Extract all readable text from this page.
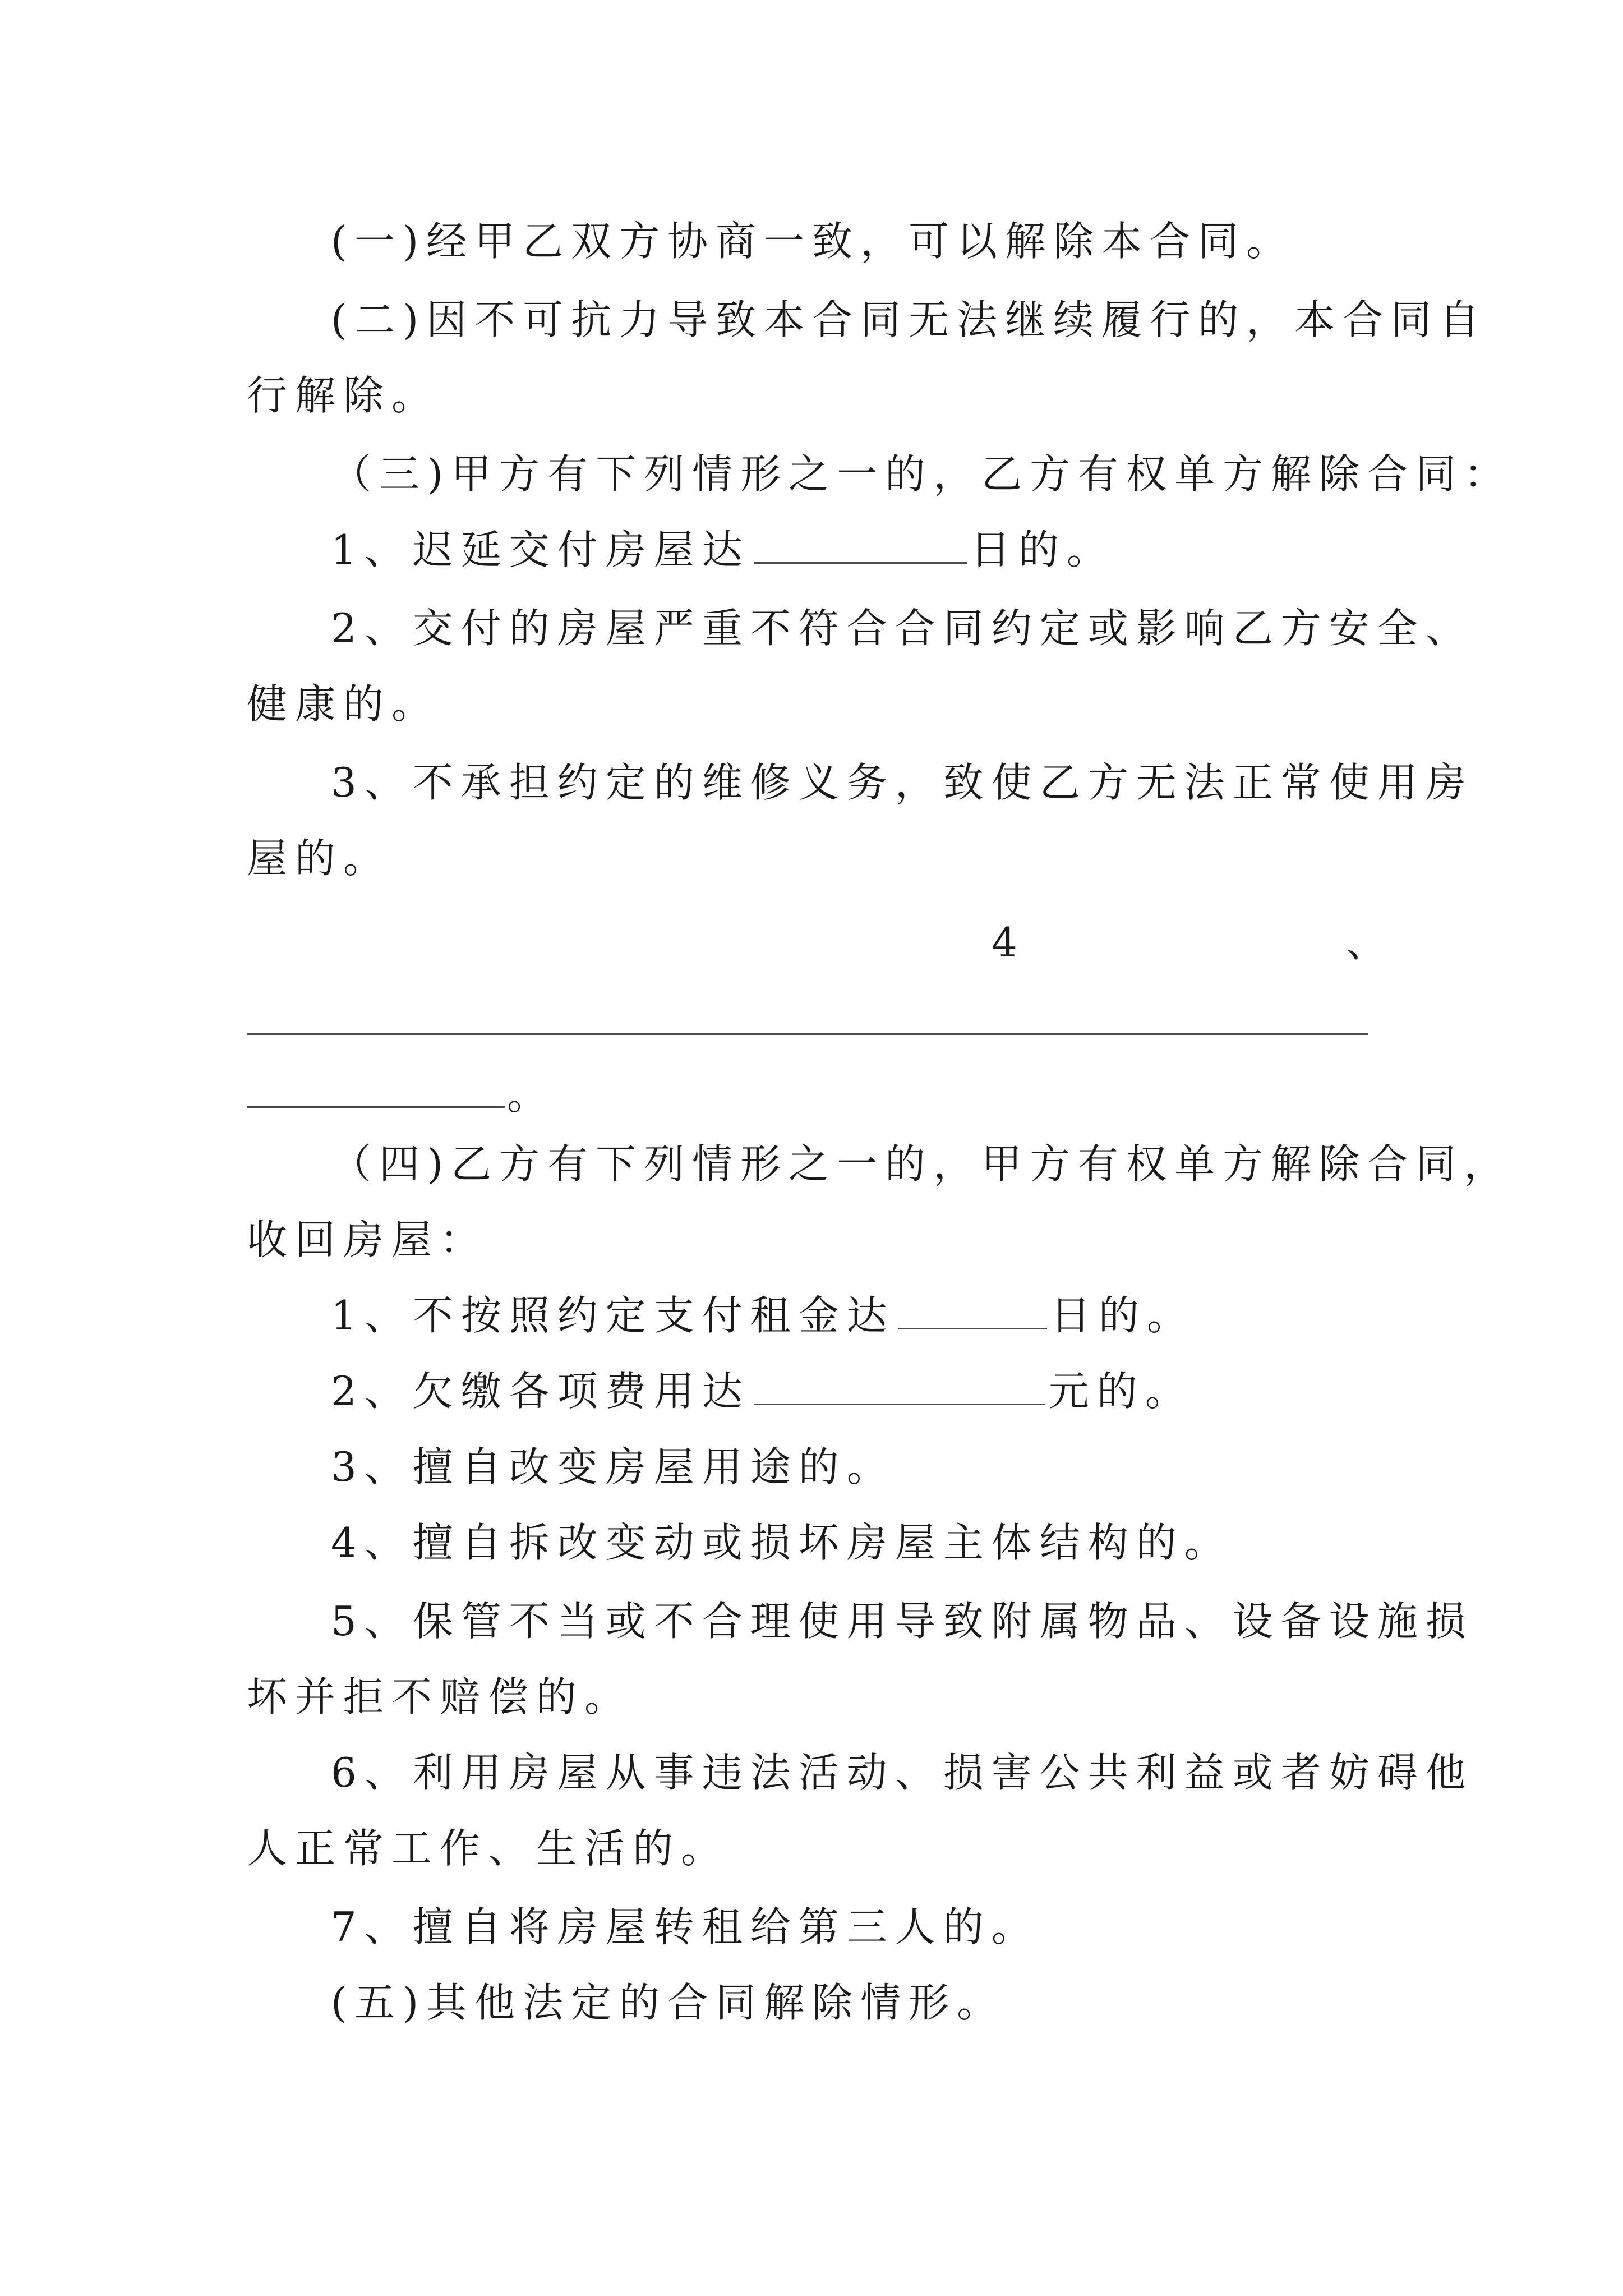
(一)经甲乙双方协商一致，可以解除本合同。
(二)因不可抗力导致本合同无法继续履行的，本合同自
行解除。
（三)甲方有下列情形之一的，乙方有权单方解除合同：
1、迟延交付房屋达	日的。
2、交付的房屋严重不符合合同约定或影响乙方安全、
健康的。
3、不承担约定的维修义务，致使乙方无法正常使用房
屋的。
4	、
。
（四)乙方有下列情形之一的，甲方有权单方解除合同，
收回房屋：
1、不按照约定支付租金达	日的。
2、欠缴各项费用达	元的。
3、擅自改变房屋用途的。
4、擅自拆改变动或损坏房屋主体结构的。
5、保管不当或不合理使用导致附属物品、设备设施损
坏并拒不赔偿的。
6、利用房屋从事违法活动、损害公共利益或者妨碍他
人正常工作、生活的。
7、擅自将房屋转租给第三人的。
(五)其他法定的合同解除情形。
